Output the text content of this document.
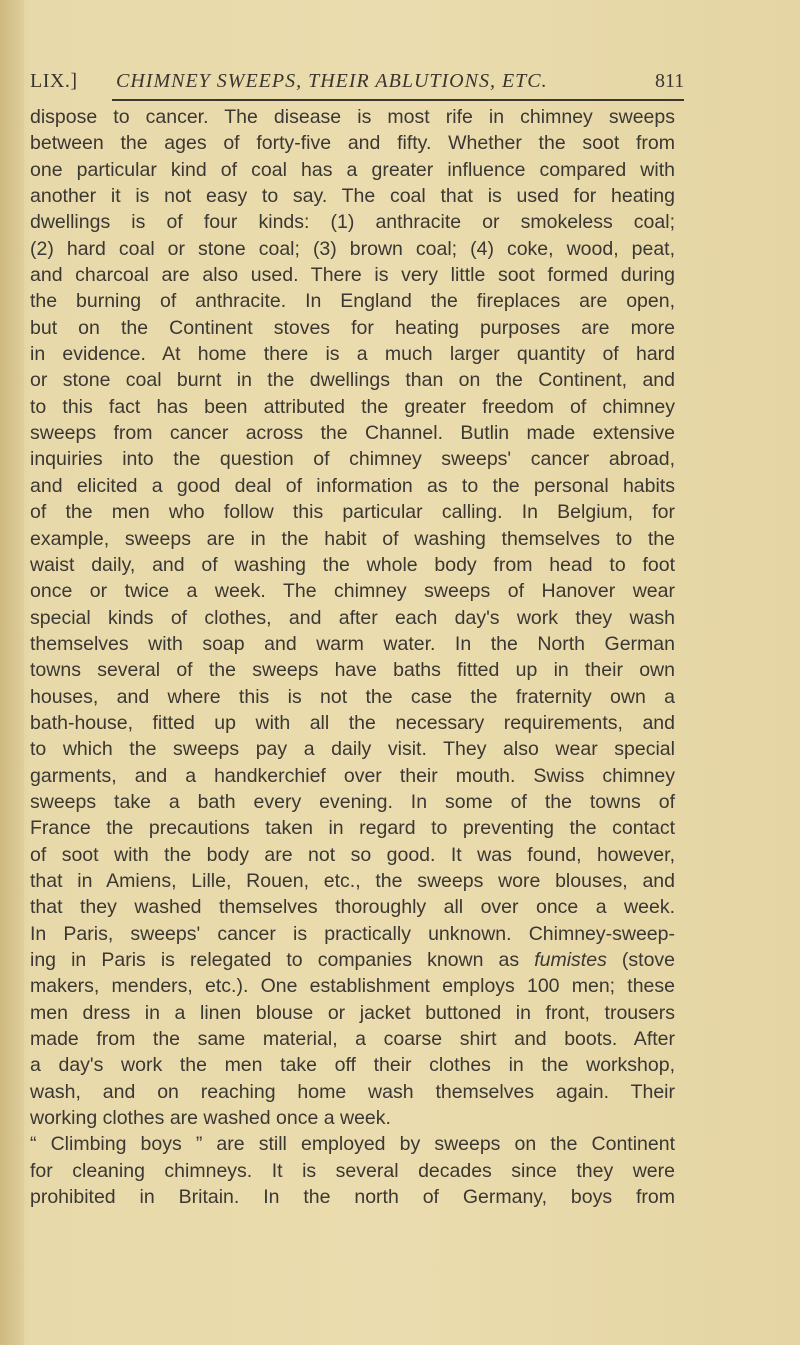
LIX.] CHIMNEY SWEEPS, THEIR ABLUTIONS, ETC.	811
dispose to cancer. The disease is most rife in chimney sweeps
between the ages of forty-five and fifty. Whether the soot from
one particular kind of coal has a greater influence compared with
another it is not easy to say. The coal that is used for heating
dwellings is of four kinds: (1) anthracite or smokeless coal;
(2) hard coal or stone coal; (3) brown coal; (4) coke, wood, peat,
and charcoal are also used. There is very little soot formed during
the burning of anthracite. In England the fireplaces are open,
but on the Continent stoves for heating purposes are more
in evidence. At home there is a much larger quantity of hard
or stone coal burnt in the dwellings than on the Continent, and
to this fact has been attributed the greater freedom of chimney
sweeps from cancer across the Channel. Butlin made extensive
inquiries into the question of chimney sweeps' cancer abroad,
and elicited a good deal of information as to the personal habits
of the men who follow this particular calling. In Belgium, for
example, sweeps are in the habit of washing themselves to the
waist daily, and of washing the whole body from head to foot
once or twice a week. The chimney sweeps of Hanover wear
special kinds of clothes, and after each day's work they wash
themselves with soap and warm water. In the North German
towns several of the sweeps have baths fitted up in their own
houses, and where this is not the case the fraternity own a
bath-house, fitted up with all the necessary requirements, and
to which the sweeps pay a daily visit. They also wear special
garments, and a handkerchief over their mouth. Swiss chimney
sweeps take a bath every evening. In some of the towns of
France the precautions taken in regard to preventing the contact
of soot with the body are not so good. It was found, however,
that in Amiens, Lille, Rouen, etc., the sweeps wore blouses, and
that they washed themselves thoroughly all over once a week.
In Paris, sweeps' cancer is practically unknown. Chimney-sweep-
ing in Paris is relegated to companies known as fumistes (stove
makers, menders, etc.). One establishment employs 100 men; these
men dress in a linen blouse or jacket buttoned in front, trousers
made from the same material, a coarse shirt and boots. After
a day's work the men take off their clothes in the workshop,
wash, and on reaching home wash themselves again. Their
working clothes are washed once a week.
“ Climbing boys ” are still employed by sweeps on the Continent
for cleaning chimneys. It is several decades since they were
prohibited in Britain. In the north of Germany, boys from
